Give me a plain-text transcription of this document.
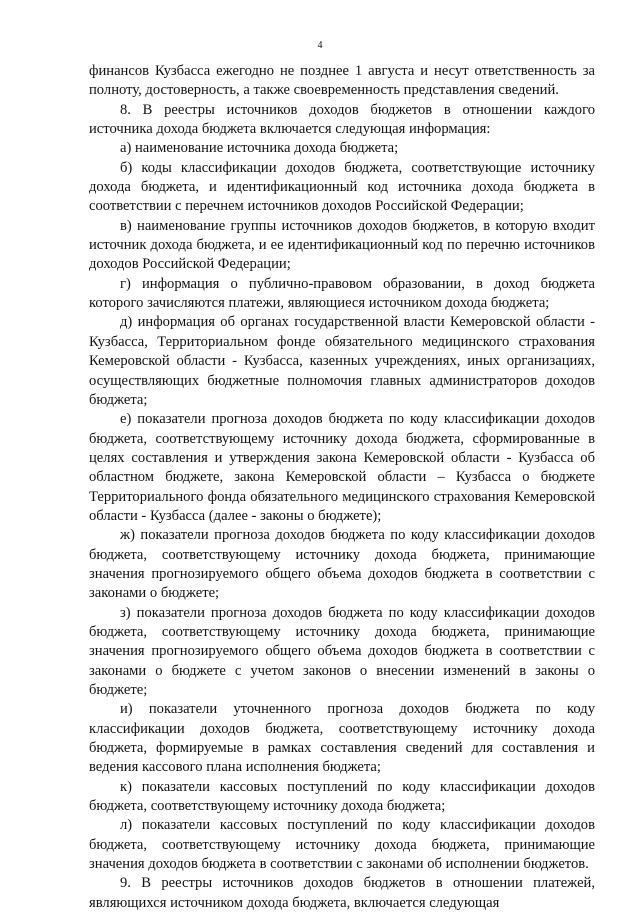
4

финансов Кузбасса ежегодно не позднее 1 августа и несут ответственность за полноту, достоверность, а также своевременность представления сведений.

8. В реестры источников доходов бюджетов в отношении каждого источника дохода бюджета включается следующая информация:

а) наименование источника дохода бюджета;

б) коды классификации доходов бюджета, соответствующие источнику дохода бюджета, и идентификационный код источника дохода бюджета в соответствии с перечнем источников доходов Российской Федерации;

в) наименование группы источников доходов бюджетов, в которую входит источник дохода бюджета, и ее идентификационный код по перечню источников доходов Российской Федерации;

г) информация о публично-правовом образовании, в доход бюджета которого зачисляются платежи, являющиеся источником дохода бюджета;

д) информация об органах государственной власти Кемеровской области - Кузбасса, Территориальном фонде обязательного медицинского страхования Кемеровской области - Кузбасса, казенных учреждениях, иных организациях, осуществляющих бюджетные полномочия главных администраторов доходов бюджета;

е) показатели прогноза доходов бюджета по коду классификации доходов бюджета, соответствующему источнику дохода бюджета, сформированные в целях составления и утверждения закона Кемеровской области - Кузбасса об областном бюджете, закона Кемеровской области – Кузбасса о бюджете Территориального фонда обязательного медицинского страхования Кемеровской области - Кузбасса (далее - законы о бюджете);

ж) показатели прогноза доходов бюджета по коду классификации доходов бюджета, соответствующему источнику дохода бюджета, принимающие значения прогнозируемого общего объема доходов бюджета в соответствии с законами о бюджете;

з) показатели прогноза доходов бюджета по коду классификации доходов бюджета, соответствующему источнику дохода бюджета, принимающие значения прогнозируемого общего объема доходов бюджета в соответствии с законами о бюджете с учетом законов о внесении изменений в законы о бюджете;

и) показатели уточненного прогноза доходов бюджета по коду классификации доходов бюджета, соответствующему источнику дохода бюджета, формируемые в рамках составления сведений для составления и ведения кассового плана исполнения бюджета;

к) показатели кассовых поступлений по коду классификации доходов бюджета, соответствующему источнику дохода бюджета;

л) показатели кассовых поступлений по коду классификации доходов бюджета, соответствующему источнику дохода бюджета, принимающие значения доходов бюджета в соответствии с законами об исполнении бюджетов.

9. В реестры источников доходов бюджетов в отношении платежей, являющихся источником дохода бюджета, включается следующая
